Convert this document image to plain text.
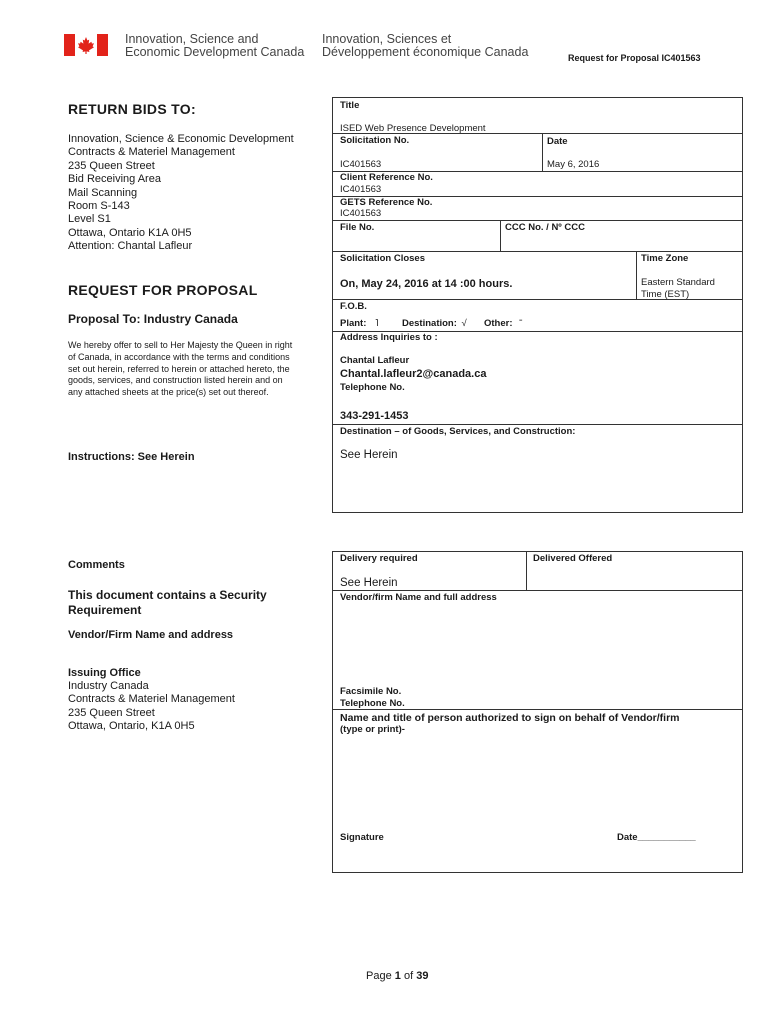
Innovation, Science and
Economic Development Canada
Innovation, Sciences et
Développement économique Canada	Request for Proposal IC401563
RETURN BIDS TO:
Innovation, Science & Economic Development
Contracts & Materiel Management
235 Queen Street
Bid Receiving Area
Mail Scanning
Room S-143
Level S1
Ottawa, Ontario K1A 0H5
Attention: Chantal Lafleur
REQUEST FOR PROPOSAL
Proposal To: Industry Canada
We hereby offer to sell to Her Majesty the Queen in right
of Canada, in accordance with the terms and conditions
set out herein, referred to herein or attached hereto, the
goods, services, and construction listed herein and on
any attached sheets at the price(s) set out thereof.
Instructions: See Herein
Comments
This document contains a Security
Requirement
Vendor/Firm Name and address
Issuing Office
Industry Canada
Contracts & Materiel Management
235 Queen Street
Ottawa, Ontario, K1A 0H5
Title
ISED Web Presence Development
Solicitation No.	Date
IC401563	May 6, 2016
Client Reference No.
IC401563
GETS Reference No.
IC401563
File No.	CCC No. / Nº CCC
Solicitation Closes	Time Zone
On, May 24, 2016 at 14 :00 hours.	Eastern Standard
Time (EST)
F.O.B.
Plant: ˥ Destination: √ Other: ˉ
Address Inquiries to :
Chantal Lafleur
Chantal.lafleur2@canada.ca
Telephone No.
343-291-1453
Destination – of Goods, Services, and Construction:
See Herein
Delivery required	Delivered Offered
See Herein
Vendor/firm Name and full address
Facsimile No.
Telephone No.
Name and title of person authorized to sign on behalf of Vendor/firm
(type or print)-
Signature	Date___________
Page 1 of 39
